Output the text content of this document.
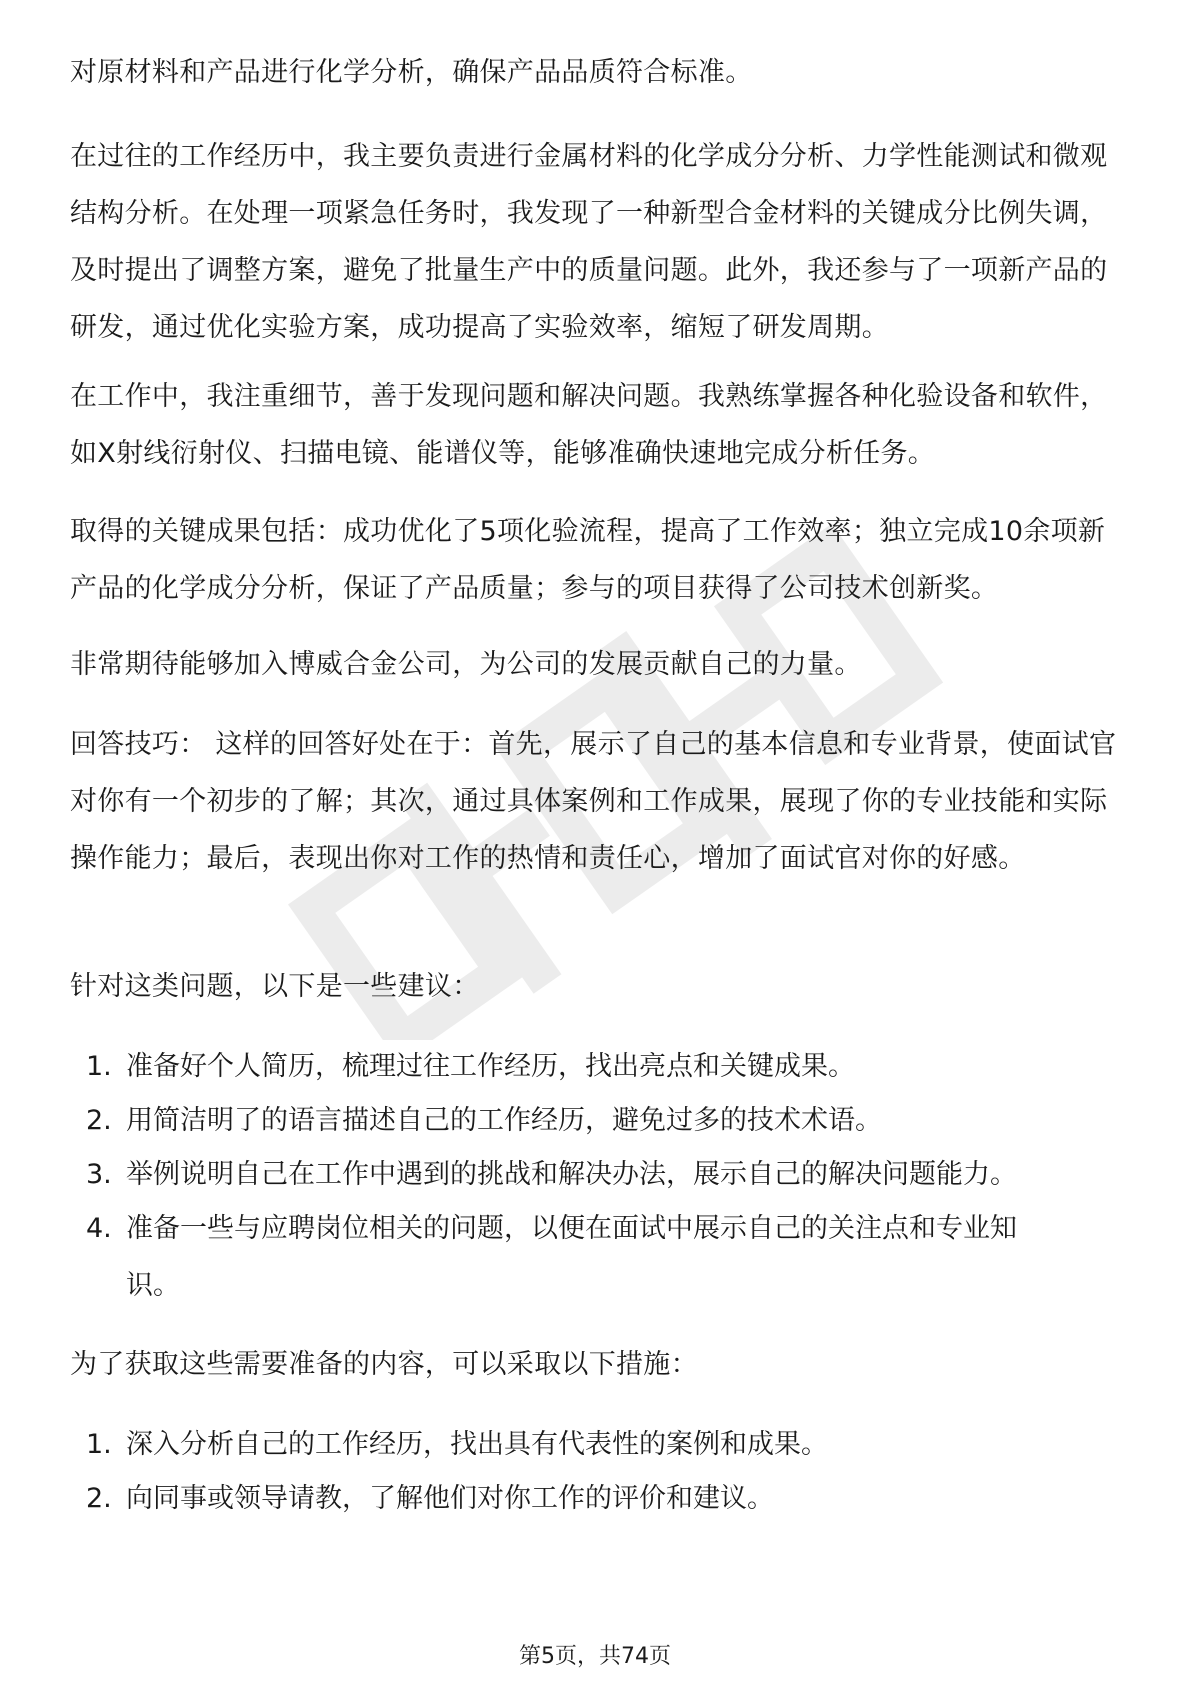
对原材料和产品进行化学分析，确保产品品质符合标准。

在过往的工作经历中，我主要负责进行金属材料的化学成分分析、力学性能测试和微观结构分析。在处理一项紧急任务时，我发现了一种新型合金材料的关键成分比例失调，及时提出了调整方案，避免了批量生产中的质量问题。此外，我还参与了一项新产品的研发，通过优化实验方案，成功提高了实验效率，缩短了研发周期。

在工作中，我注重细节，善于发现问题和解决问题。我熟练掌握各种化验设备和软件，如X射线衍射仪、扫描电镜、能谱仪等，能够准确快速地完成分析任务。

取得的关键成果包括：成功优化了5项化验流程，提高了工作效率；独立完成10余项新产品的化学成分分析，保证了产品质量；参与的项目获得了公司技术创新奖。

非常期待能够加入博威合金公司，为公司的发展贡献自己的力量。

回答技巧： 这样的回答好处在于：首先，展示了自己的基本信息和专业背景，使面试官对你有一个初步的了解；其次，通过具体案例和工作成果，展现了你的专业技能和实际操作能力；最后，表现出你对工作的热情和责任心，增加了面试官对你的好感。

针对这类问题，以下是一些建议：

1. 准备好个人简历，梳理过往工作经历，找出亮点和关键成果。
2. 用简洁明了的语言描述自己的工作经历，避免过多的技术术语。
3. 举例说明自己在工作中遇到的挑战和解决办法，展示自己的解决问题能力。
4. 准备一些与应聘岗位相关的问题，以便在面试中展示自己的关注点和专业知识。

为了获取这些需要准备的内容，可以采取以下措施：

1. 深入分析自己的工作经历，找出具有代表性的案例和成果。
2. 向同事或领导请教，了解他们对你工作的评价和建议。
第5页，共74页
